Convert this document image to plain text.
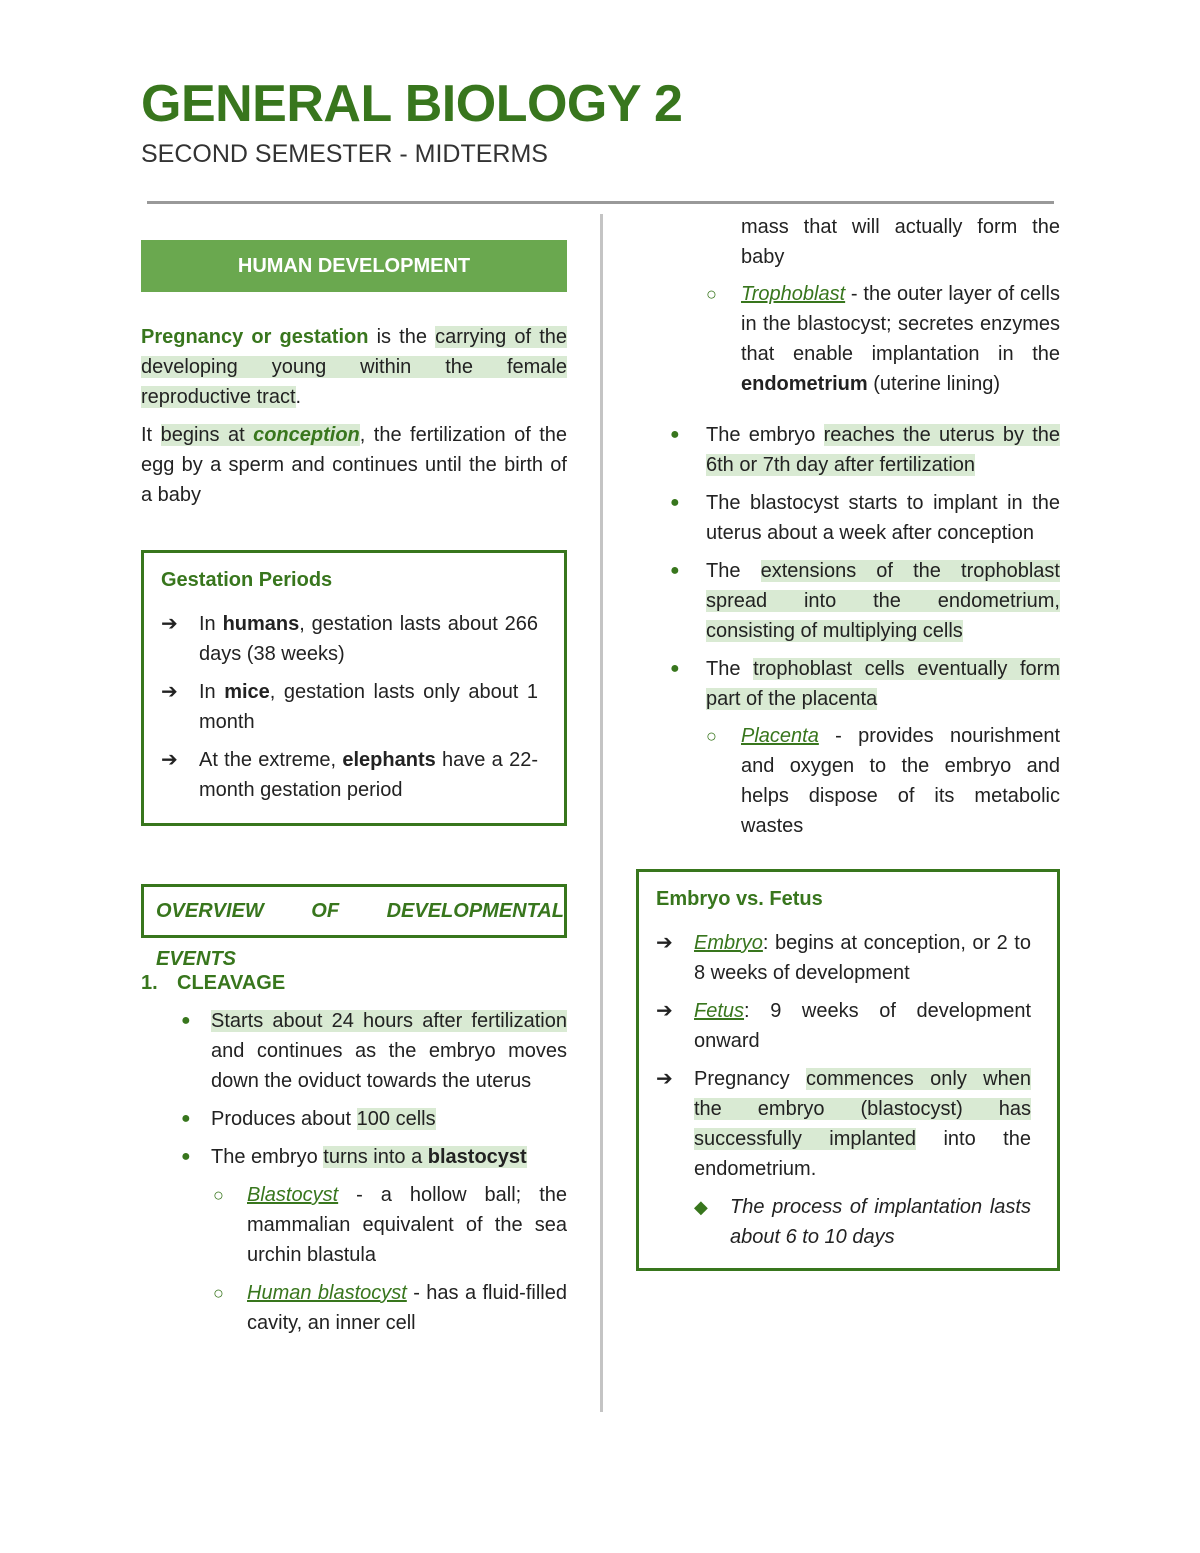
GENERAL BIOLOGY 2
SECOND SEMESTER - MIDTERMS
HUMAN DEVELOPMENT

Pregnancy or gestation is the carrying of the developing young within the female reproductive tract.

It begins at conception, the fertilization of the egg by a sperm and continues until the birth of a baby

Gestation Periods
➔ In humans, gestation lasts about 266 days (38 weeks)
➔ In mice, gestation lasts only about 1 month
➔ At the extreme, elephants have a 22-month gestation period
OVERVIEW OF DEVELOPMENTAL EVENTS
1. CLEAVAGE
● Starts about 24 hours after fertilization and continues as the embryo moves down the oviduct towards the uterus
● Produces about 100 cells
● The embryo turns into a blastocyst
○ Blastocyst - a hollow ball; the mammalian equivalent of the sea urchin blastula
○ Human blastocyst - has a fluid-filled cavity, an inner cell

mass that will actually form the baby

○ Trophoblast - the outer layer of cells in the blastocyst; secretes enzymes that enable implantation in the endometrium (uterine lining)
● The embryo reaches the uterus by the 6th or 7th day after fertilization
● The blastocyst starts to implant in the uterus about a week after conception
● The extensions of the trophoblast spread into the endometrium, consisting of multiplying cells
● The trophoblast cells eventually form part of the placenta
○ Placenta - provides nourishment and oxygen to the embryo and helps dispose of its metabolic wastes
Embryo vs. Fetus
➔ Embryo: begins at conception, or 2 to 8 weeks of development
➔ Fetus: 9 weeks of development onward
➔ Pregnancy commences only when the embryo (blastocyst) has successfully implanted into the endometrium.
◆ The process of implantation lasts about 6 to 10 days
